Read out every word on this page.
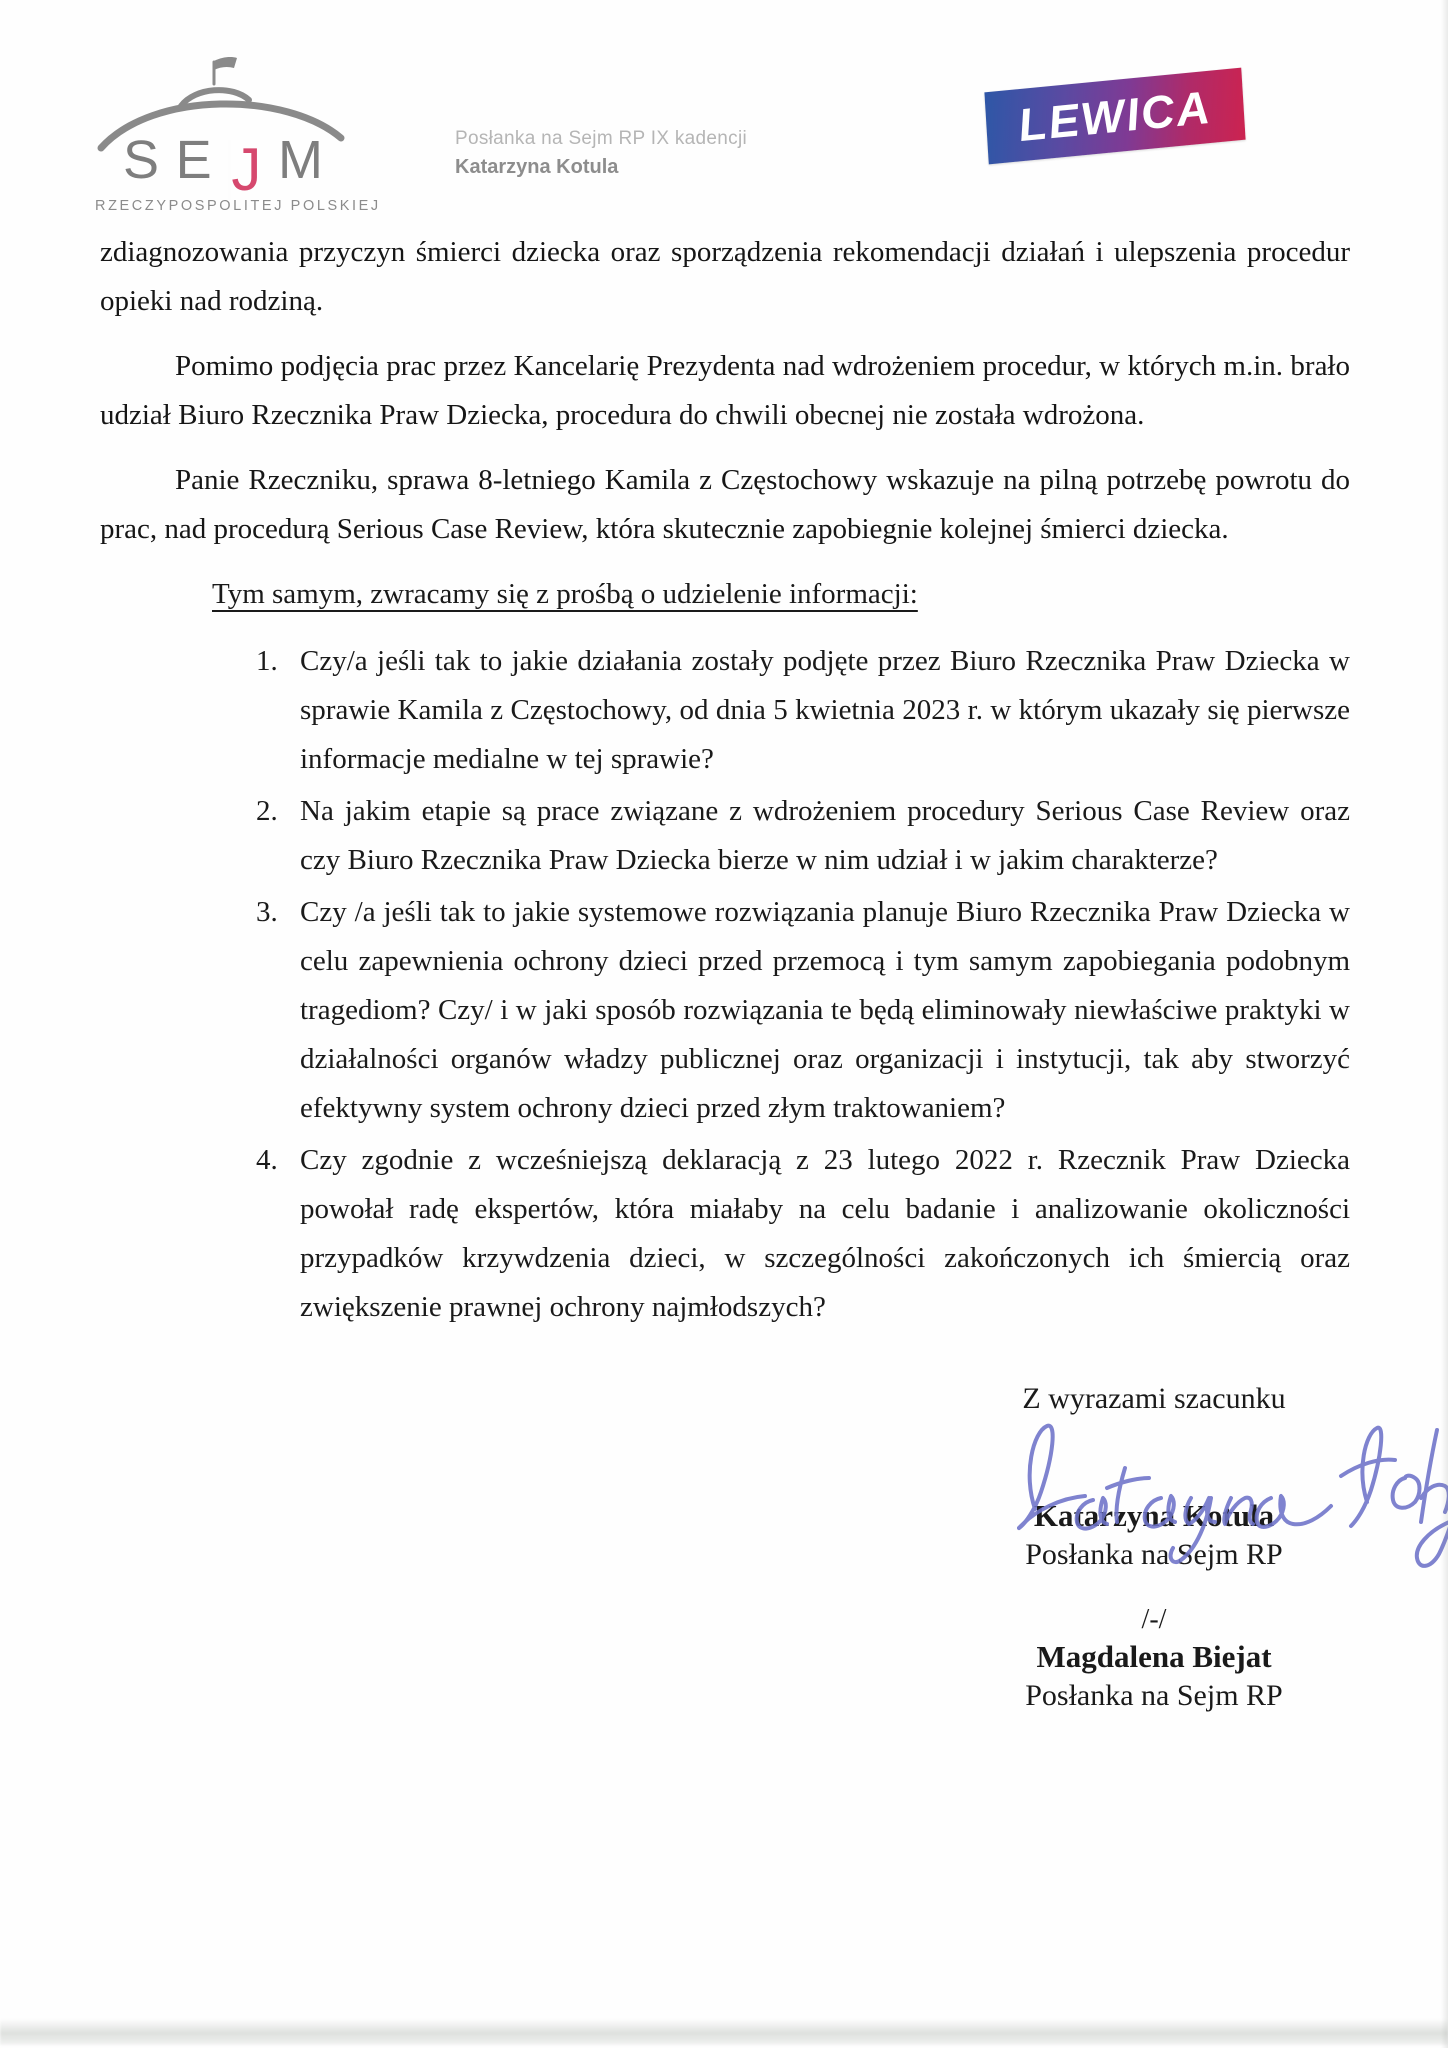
S E J M
RZECZYPOSPOLITEJ POLSKIEJ
Posłanka na Sejm RP IX kadencji
Katarzyna Kotula
LEWICA

zdiagnozowania przyczyn śmierci dziecka oraz sporządzenia rekomendacji działań i ulepszenia procedur opieki nad rodziną.

Pomimo podjęcia prac przez Kancelarię Prezydenta nad wdrożeniem procedur, w których m.in. brało udział Biuro Rzecznika Praw Dziecka, procedura do chwili obecnej nie została wdrożona.

Panie Rzeczniku, sprawa 8-letniego Kamila z Częstochowy wskazuje na pilną potrzebę powrotu do prac, nad procedurą Serious Case Review, która skutecznie zapobiegnie kolejnej śmierci dziecka.

Tym samym, zwracamy się z prośbą o udzielenie informacji:

Czy/a jeśli tak to jakie działania zostały podjęte przez Biuro Rzecznika Praw Dziecka w sprawie Kamila z Częstochowy, od dnia 5 kwietnia 2023 r. w którym ukazały się pierwsze informacje medialne w tej sprawie?
Na jakim etapie są prace związane z wdrożeniem procedury Serious Case Review oraz czy Biuro Rzecznika Praw Dziecka bierze w nim udział i w jakim charakterze?
Czy /a jeśli tak to jakie systemowe rozwiązania planuje Biuro Rzecznika Praw Dziecka w celu zapewnienia ochrony dzieci przed przemocą i tym samym zapobiegania podobnym tragediom? Czy/ i w jaki sposób rozwiązania te będą eliminowały niewłaściwe praktyki w działalności organów władzy publicznej oraz organizacji i instytucji, tak aby stworzyć efektywny system ochrony dzieci przed złym traktowaniem?
Czy zgodnie z wcześniejszą deklaracją z 23 lutego 2022 r. Rzecznik Praw Dziecka powołał radę ekspertów, która miałaby na celu badanie i analizowanie okoliczności przypadków krzywdzenia dzieci, w szczególności zakończonych ich śmiercią oraz zwiększenie prawnej ochrony najmłodszych?
Z wyrazami szacunku
Katarzyna Kotula
Posłanka na Sejm RP
/-/
Magdalena Biejat
Posłanka na Sejm RP
